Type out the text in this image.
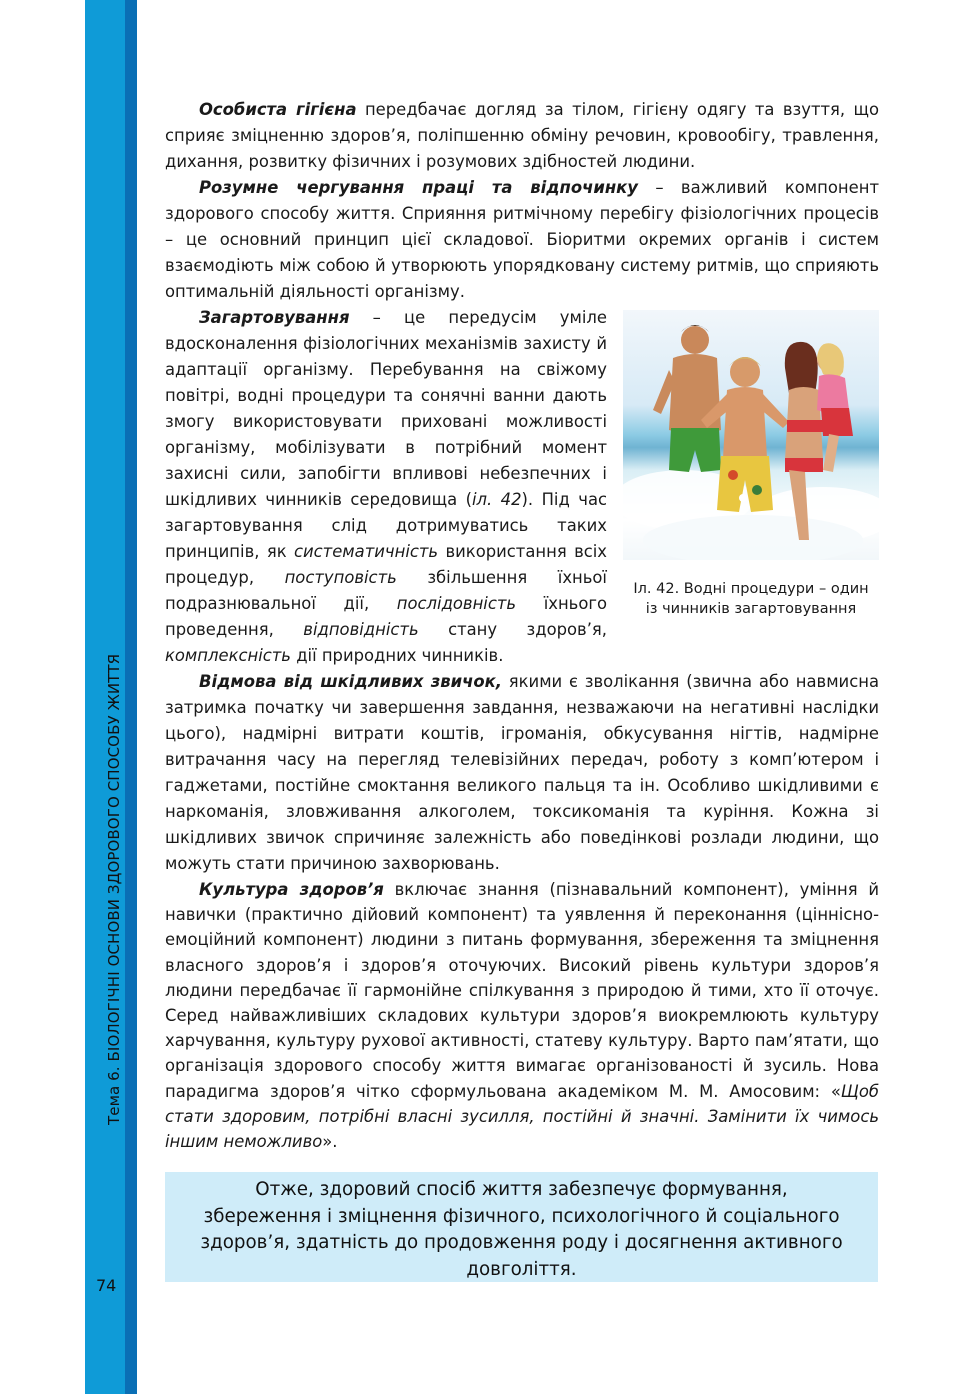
Тема 6. БІОЛОГІЧНІ ОСНОВИ ЗДОРОВОГО СПОСОБУ ЖИТТЯ
74

Особиста гігієна передбачає догляд за тілом, гігієну одягу та взуття, що сприяє зміцненню здоров’я, поліпшенню обміну речовин, кровообігу, травлення, дихання, розвитку фізичних і розумових здібностей людини.

Розумне чергування праці та відпочинку – важливий компонент здорового способу життя. Сприяння ритмічному перебігу фізіологічних процесів – це основний принцип цієї складової. Біоритми окремих органів і систем взаємодіють між собою й утворюють упорядковану систему ритмів, що сприяють оптимальній діяльності організму.

Іл. 42. Водні процедури – один
із чинників загартовування

Загартовування – це передусім уміле вдосконалення фізіологічних механізмів захисту й адаптації організму. Перебування на свіжому повітрі, водні процедури та сонячні ванни дають змогу використовувати приховані можливості організму, мобілізувати в потрібний момент захисні сили, запобігти впливові небезпечних і шкідливих чинників середовища (іл. 42). Під час загартовування слід дотримуватись таких принципів, як систематичність використання всіх процедур, поступовість збільшення їхньої подразнювальної дії, послідовність їхнього проведення, відповідність стану здоров’я, комплексність дії природних чинників.

Відмова від шкідливих звичок, якими є зволікання (звична або навмисна затримка початку чи завершення завдання, незважаючи на негативні наслідки цього), надмірні витрати коштів, ігроманія, обкусування нігтів, надмірне витрачання часу на перегляд телевізійних передач, роботу з комп’ютером і гаджетами, постійне смоктання великого пальця та ін. Особливо шкідливими є наркоманія, зловживання алкоголем, токсикоманія та куріння. Кожна зі шкідливих звичок спричиняє залежність або поведінкові розлади людини, що можуть стати причиною захворювань.

Культура здоров’я включає знання (пізнавальний компонент), уміння й навички (практично дійовий компонент) та уявлення й переконання (ціннісно-емоційний компонент) людини з питань формування, збереження та зміцнення власного здоров’я і здоров’я оточуючих. Високий рівень культури здоров’я людини передбачає її гармонійне спілкування з природою й тими, хто її оточує. Серед найважливіших складових культури здоров’я виокремлюють культуру харчування, культуру рухової активності, статеву культуру. Варто пам’ятати, що організація здорового способу життя вимагає організованості й зусиль. Нова парадигма здоров’я чітко сформульована академіком М. М. Амосовим: «Щоб стати здоровим, потрібні власні зусилля, постійні й значні. Замінити їх чимось іншим неможливо».

Отже, здоровий спосіб життя забезпечує формування, збереження і зміцнення фізичного, психологічного й соціального здоров’я, здатність до продовження роду і досягнення активного довголіття.
